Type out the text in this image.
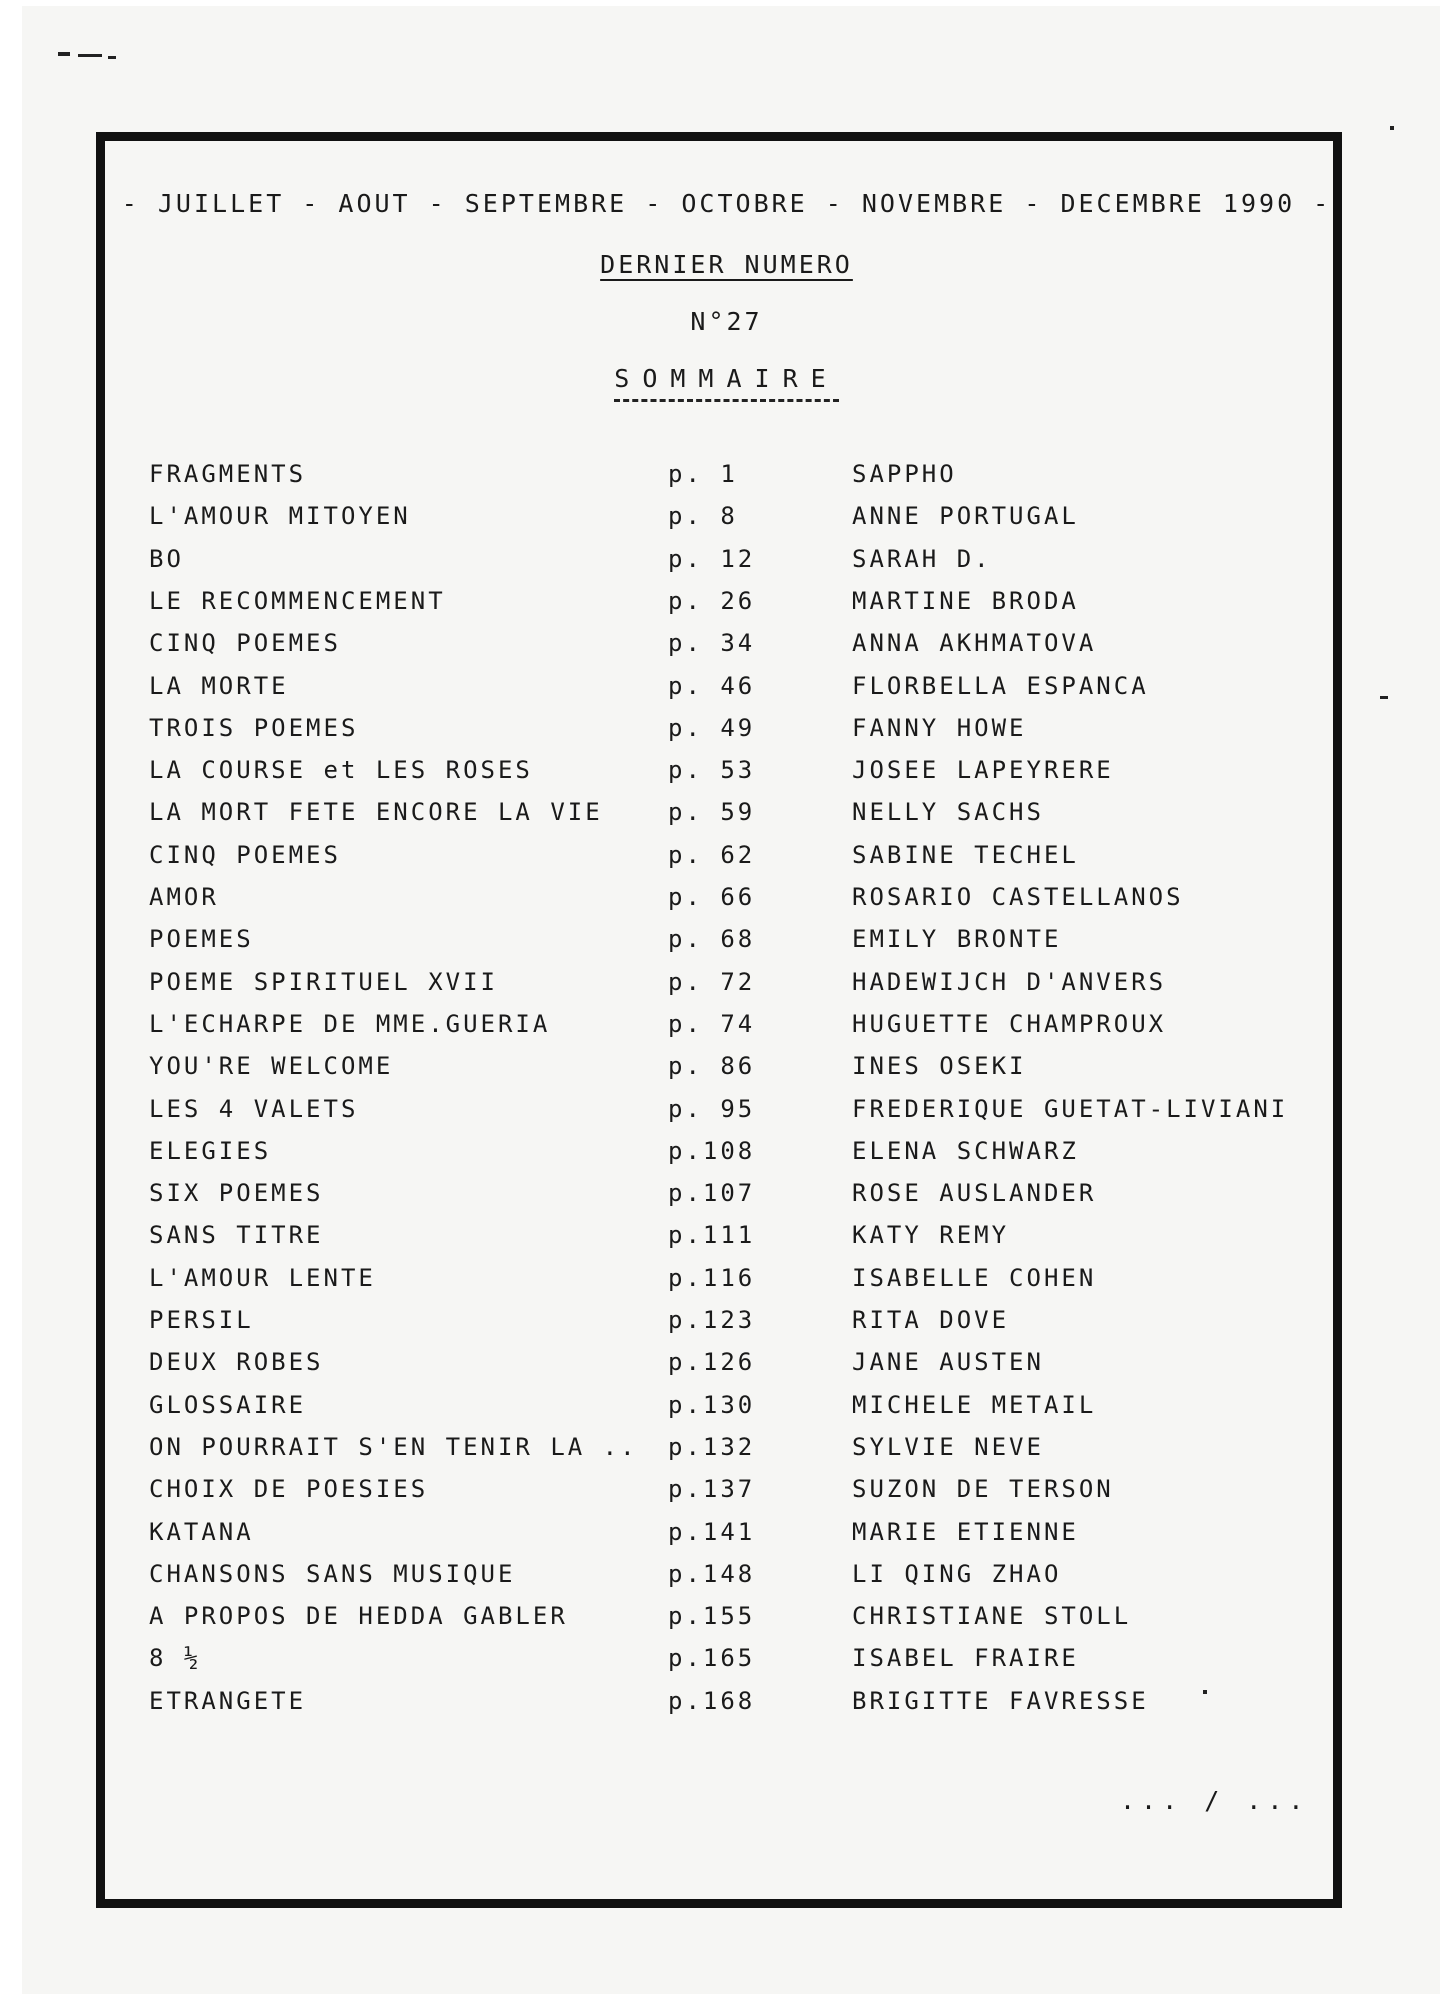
- JUILLET - AOUT - SEPTEMBRE - OCTOBRE - NOVEMBRE - DECEMBRE 1990 -
DERNIER NUMERO
N°27
SOMMAIRE
FRAGMENTS	p. 1	SAPPHO
L'AMOUR MITOYEN	p. 8	ANNE PORTUGAL
BO	p. 12	SARAH D.
LE RECOMMENCEMENT	p. 26	MARTINE BRODA
CINQ POEMES	p. 34	ANNA AKHMATOVA
LA MORTE	p. 46	FLORBELLA ESPANCA
TROIS POEMES	p. 49	FANNY HOWE
LA COURSE et LES ROSES	p. 53	JOSEE LAPEYRERE
LA MORT FETE ENCORE LA VIE	p. 59	NELLY SACHS
CINQ POEMES	p. 62	SABINE TECHEL
AMOR	p. 66	ROSARIO CASTELLANOS
POEMES	p. 68	EMILY BRONTE
POEME SPIRITUEL XVII	p. 72	HADEWIJCH D'ANVERS
L'ECHARPE DE MME.GUERIA	p. 74	HUGUETTE CHAMPROUX
YOU'RE WELCOME	p. 86	INES OSEKI
LES 4 VALETS	p. 95	FREDERIQUE GUETAT-LIVIANI
ELEGIES	p.108	ELENA SCHWARZ
SIX POEMES	p.107	ROSE AUSLANDER
SANS TITRE	p.111	KATY REMY
L'AMOUR LENTE	p.116	ISABELLE COHEN
PERSIL	p.123	RITA DOVE
DEUX ROBES	p.126	JANE AUSTEN
GLOSSAIRE	p.130	MICHELE METAIL
ON POURRAIT S'EN TENIR LA .. p.132	SYLVIE NEVE
CHOIX DE POESIES	p.137	SUZON DE TERSON
KATANA	p.141	MARIE ETIENNE
CHANSONS SANS MUSIQUE	p.148	LI QING ZHAO
A PROPOS DE HEDDA GABLER	p.155	CHRISTIANE STOLL
8 ½	p.165	ISABEL FRAIRE
ETRANGETE	p.168	BRIGITTE FAVRESSE
... / ...
